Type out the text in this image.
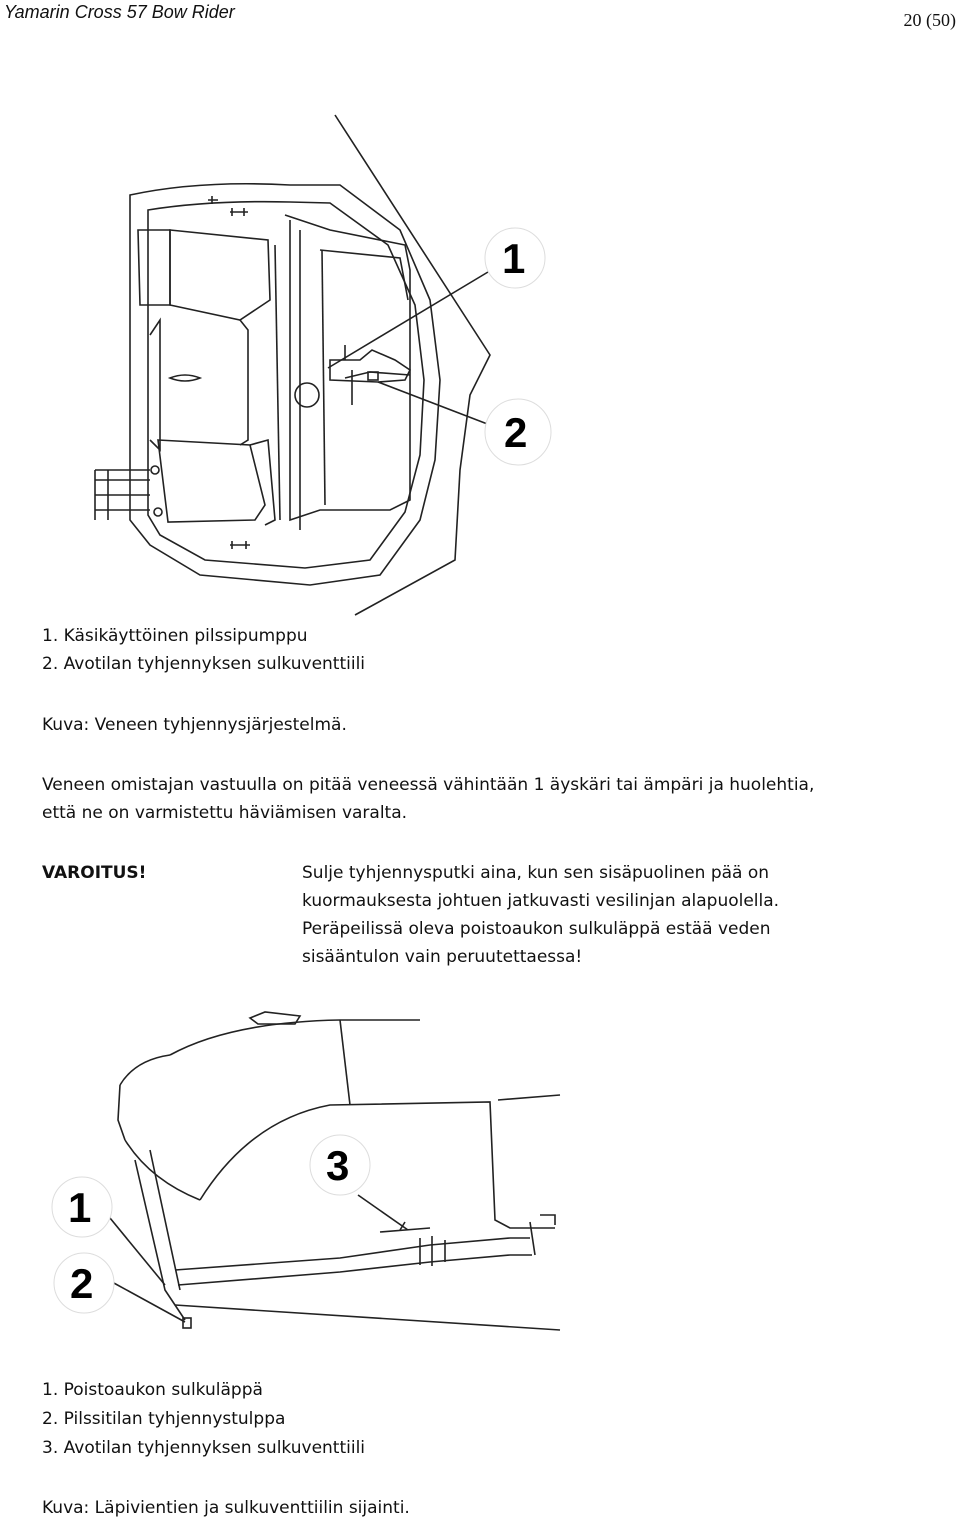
Yamarin Cross 57 Bow Rider	20 (50)
1
2
1. Käsikäyttöinen pilssipumppu
2. Avotilan tyhjennyksen sulkuventtiili
Kuva: Veneen tyhjennysjärjestelmä.
Veneen omistajan vastuulla on pitää veneessä vähintään 1 äyskäri tai ämpäri ja huolehtia,
että ne on varmistettu häviämisen varalta.
VAROITUS!	Sulje tyhjennysputki aina, kun sen sisäpuolinen pää on
kuormauksesta johtuen jatkuvasti vesilinjan alapuolella.
Peräpeilissä oleva poistoaukon sulkuläppä estää veden
sisääntulon vain peruutettaessa!
1
2
3
1. Poistoaukon sulkuläppä
2. Pilssitilan tyhjennystulppa
3. Avotilan tyhjennyksen sulkuventtiili
Kuva: Läpivientien ja sulkuventtiilin sijainti.
